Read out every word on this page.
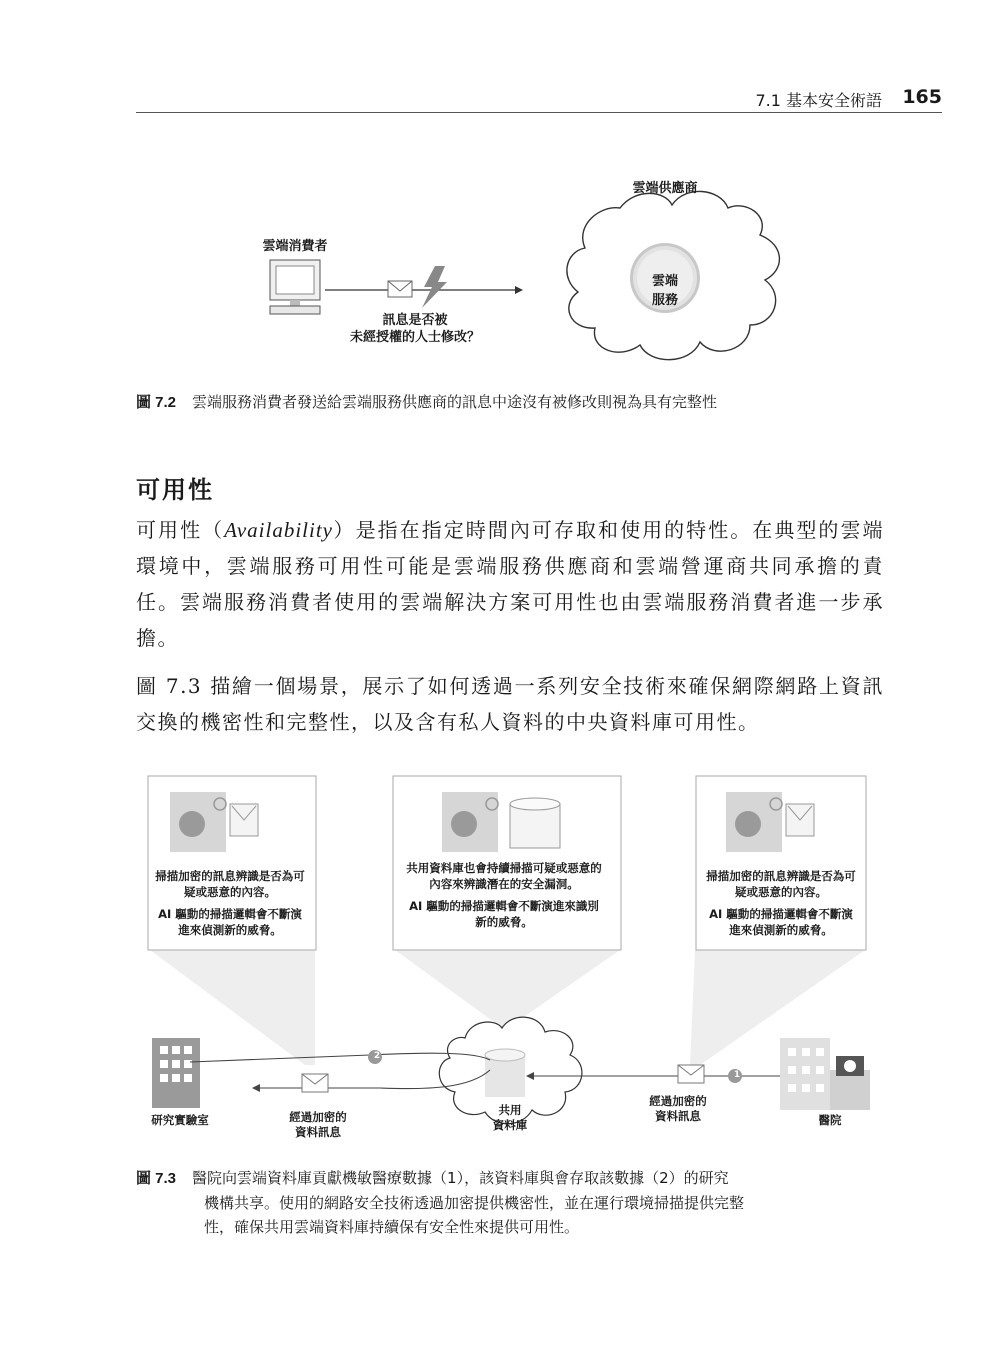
7.1 基本安全術語 165
雲端供應商
雲端消費者
雲端
服務
訊息是否被
未經授權的人士修改？
圖 7.2 雲端服務消費者發送給雲端服務供應商的訊息中途沒有被修改則視為具有完整性
可用性
可用性（Availability）是指在指定時間內可存取和使用的特性。在典型的雲端環境中，雲端服務可用性可能是雲端服務供應商和雲端營運商共同承擔的責任。雲端服務消費者使用的雲端解決方案可用性也由雲端服務消費者進一步承擔。
圖 7.3 描繪一個場景，展示了如何透過一系列安全技術來確保網際網路上資訊交換的機密性和完整性，以及含有私人資料的中央資料庫可用性。

掃描加密的訊息辨識是否為可疑或惡意的內容。

AI 驅動的掃描邏輯會不斷演進來偵測新的威脅。

共用資料庫也會持續掃描可疑或惡意的內容來辨識潛在的安全漏洞。

AI 驅動的掃描邏輯會不斷演進來識別新的威脅。

掃描加密的訊息辨識是否為可疑或惡意的內容。

AI 驅動的掃描邏輯會不斷演進來偵測新的威脅。

研究實驗室	經過加密的
資料訊息
共用
資料庫
經過加密的
資料訊息	醫院
2
1
圖 7.3 醫院向雲端資料庫貢獻機敏醫療數據（1），該資料庫與會存取該數據（2）的研究
機構共享。使用的網路安全技術透過加密提供機密性，並在運行環境掃描提供完整
性，確保共用雲端資料庫持續保有安全性來提供可用性。
